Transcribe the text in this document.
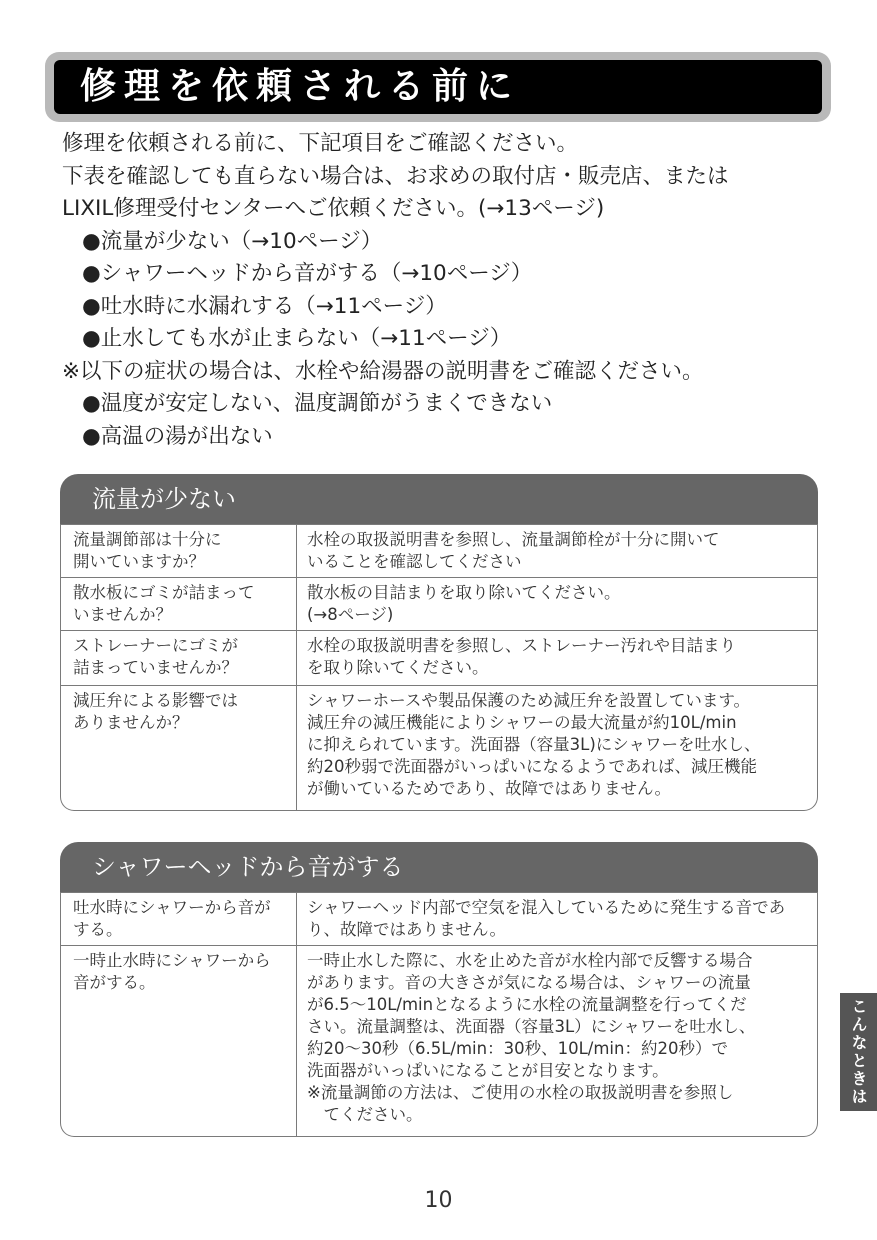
修理を依頼される前に
修理を依頼される前に、下記項目をご確認ください。
下表を確認しても直らない場合は、お求めの取付店・販売店、または
LIXIL修理受付センターへご依頼ください。(→13ページ)
●流量が少ない（→10ページ）
●シャワーヘッドから音がする（→10ページ）
●吐水時に水漏れする（→11ページ）
●止水しても水が止まらない（→11ページ）
※以下の症状の場合は、水栓や給湯器の説明書をご確認ください。
●温度が安定しない、温度調節がうまくできない
●高温の湯が出ない
流量が少ない
流量調節部は十分に
開いていますか？
水栓の取扱説明書を参照し、流量調節栓が十分に開いて
いることを確認してください
散水板にゴミが詰まって
いませんか？
散水板の目詰まりを取り除いてください。
(→8ページ)
ストレーナーにゴミが
詰まっていませんか？
水栓の取扱説明書を参照し、ストレーナー汚れや目詰まり
を取り除いてください。
減圧弁による影響では
ありませんか？
シャワーホースや製品保護のため減圧弁を設置しています。
減圧弁の減圧機能によりシャワーの最大流量が約10L/min
に抑えられています。洗面器（容量3L)にシャワーを吐水し、
約20秒弱で洗面器がいっぱいになるようであれば、減圧機能
が働いているためであり、故障ではありません。
シャワーヘッドから音がする
吐水時にシャワーから音が
する。
シャワーヘッド内部で空気を混入しているために発生する音であ
り、故障ではありません。
一時止水時にシャワーから
音がする。
一時止水した際に、水を止めた音が水栓内部で反響する場合
があります。音の大きさが気になる場合は、シャワーの流量
が6.5〜10L/minとなるように水栓の流量調整を行ってくだ
さい。流量調整は、洗面器（容量3L）にシャワーを吐水し、
約20〜30秒（6.5L/min：30秒、10L/min：約20秒）で
洗面器がいっぱいになることが目安となります。
※流量調節の方法は、ご使用の水栓の取扱説明書を参照し
　てください。
こんなときは
10
